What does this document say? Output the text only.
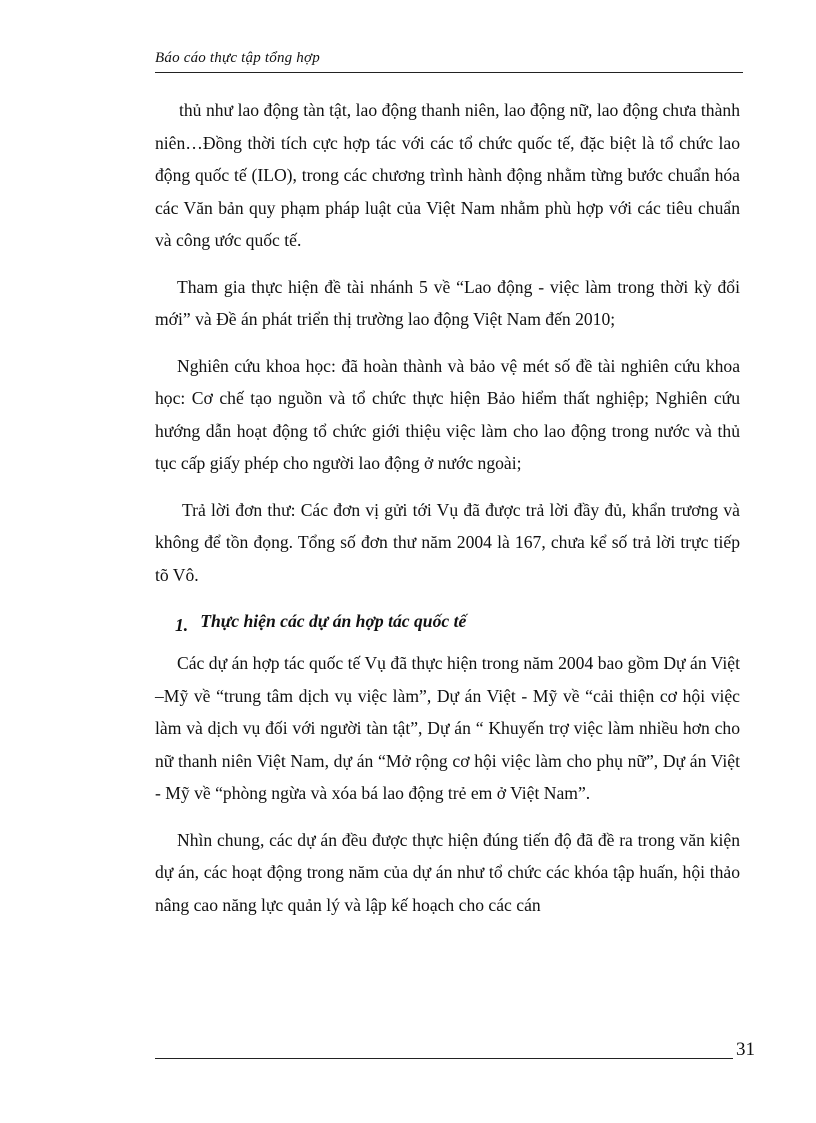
Báo cáo thực tập tổng hợp

thủ như lao động tàn tật, lao động thanh niên, lao động nữ, lao động chưa thành niên…Đồng thời tích cực hợp tác với các tổ chức quốc tế, đặc biệt là tổ chức lao động quốc tế (ILO), trong các chương trình hành động nhằm từng bước chuẩn hóa các Văn bản quy phạm pháp luật của Việt Nam nhằm phù hợp với các tiêu chuẩn và công ước quốc tế.

Tham gia thực hiện đề tài nhánh 5 về “Lao động - việc làm trong thời kỳ đổi mới” và Đề án phát triển thị trường lao động Việt Nam đến 2010;

Nghiên cứu khoa học: đã hoàn thành và bảo vệ mét số đề tài nghiên cứu khoa học: Cơ chế tạo nguồn và tổ chức thực hiện Bảo hiểm thất nghiệp; Nghiên cứu hướng dẫn hoạt động tổ chức giới thiệu việc làm cho lao động trong nước và thủ tục cấp giấy phép cho người lao động ở nước ngoài;

Trả lời đơn thư: Các đơn vị gửi tới Vụ đã được trả lời đầy đủ, khẩn trương và không để tồn đọng. Tổng số đơn thư năm 2004 là 167, chưa kể số trả lời trực tiếp tõ Vô.

1. Thực hiện các dự án hợp tác quốc tế

Các dự án hợp tác quốc tế Vụ đã thực hiện trong năm 2004 bao gồm Dự án Việt –Mỹ về “trung tâm dịch vụ việc làm”, Dự án Việt - Mỹ về “cải thiện cơ hội việc làm và dịch vụ đối với người tàn tật”, Dự án “ Khuyến trợ việc làm nhiều hơn cho nữ thanh niên Việt Nam, dự án “Mở rộng cơ hội việc làm cho phụ nữ”, Dự án Việt - Mỹ về “phòng ngừa và xóa bá lao động trẻ em ở Việt Nam”.

Nhìn chung, các dự án đều được thực hiện đúng tiến độ đã đề ra trong văn kiện dự án, các hoạt động trong năm của dự án như tổ chức các khóa tập huấn, hội thảo nâng cao năng lực quản lý và lập kế hoạch cho các cán

31
